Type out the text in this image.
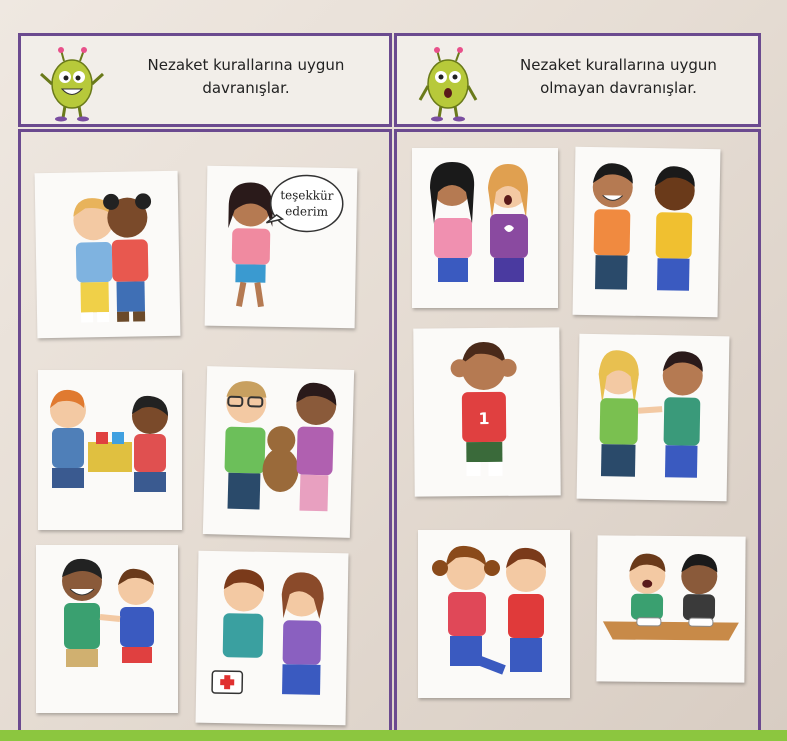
Nezaket kurallarına uygun
davranışlar.
Nezaket kurallarına uygun
olmayan davranışlar.
teşekkür
ederim
1
